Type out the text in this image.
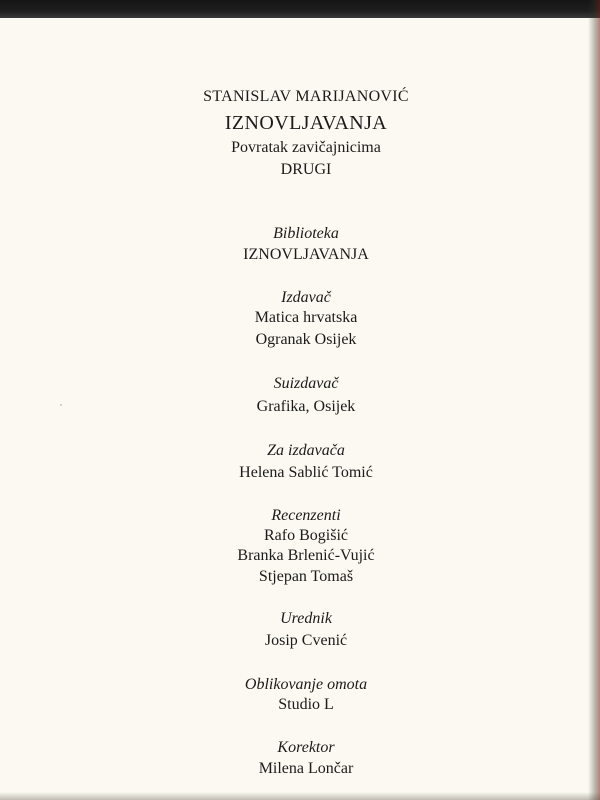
STANISLAV MARIJANOVIĆ
IZNOVLJAVANJA
Povratak zavičajnicima
DRUGI
Biblioteka
IZNOVLJAVANJA
Izdavač
Matica hrvatska
Ogranak Osijek
Suizdavač
Grafika, Osijek
Za izdavača
Helena Sablić Tomić
Recenzenti
Rafo Bogišić
Branka Brlenić-Vujić
Stjepan Tomaš
Urednik
Josip Cvenić
Oblikovanje omota
Studio L
Korektor
Milena Lončar
